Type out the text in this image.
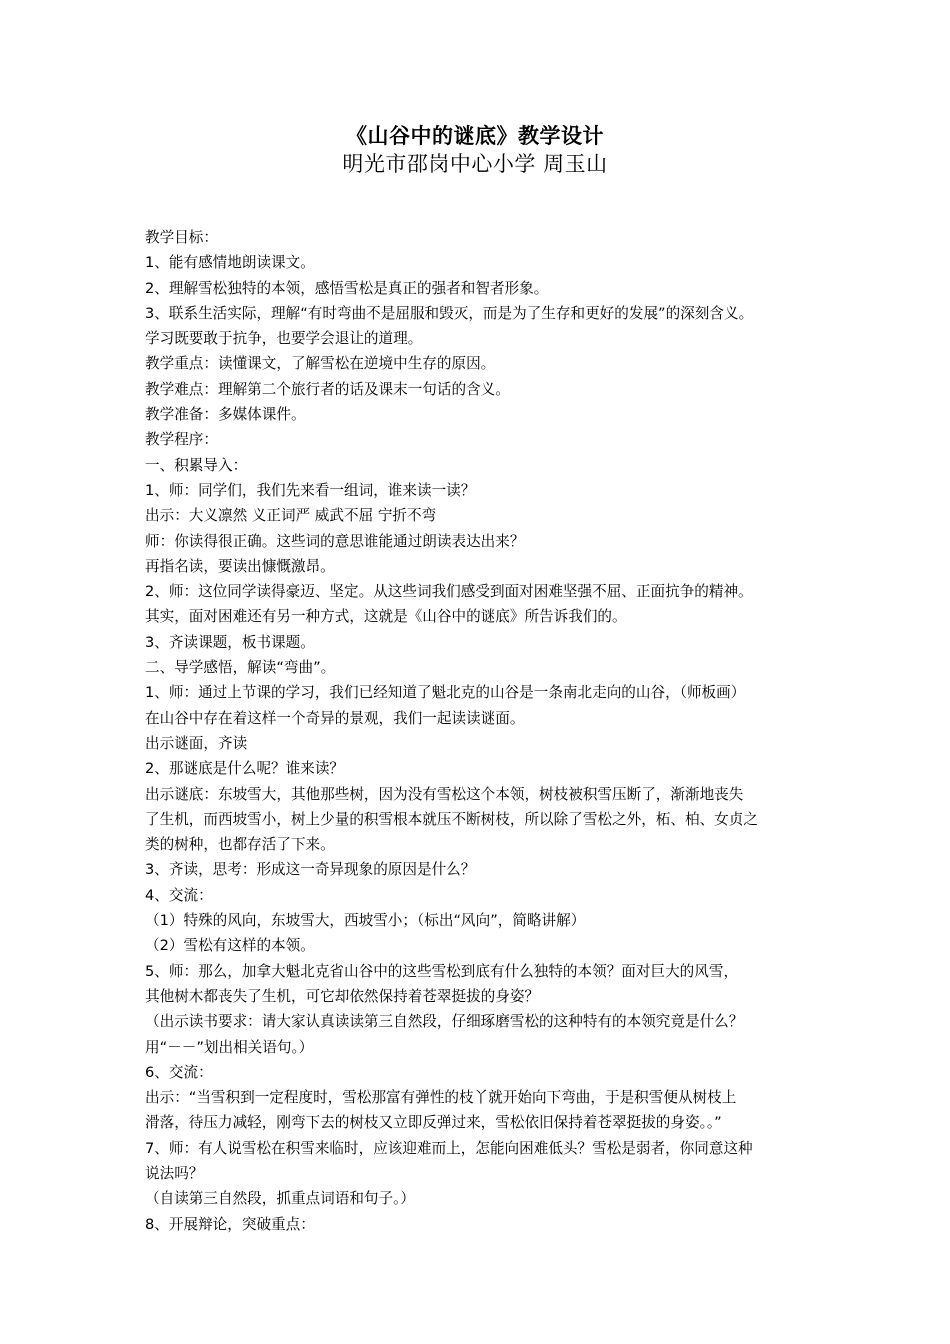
《山谷中的谜底》教学设计
明光市邵岗中心小学 周玉山
教学目标：
1、能有感情地朗读课文。
2、理解雪松独特的本领，感悟雪松是真正的强者和智者形象。
3、联系生活实际，理解“有时弯曲不是屈服和毁灭，而是为了生存和更好的发展”的深刻含义。
学习既要敢于抗争，也要学会退让的道理。
教学重点：读懂课文，了解雪松在逆境中生存的原因。
教学难点：理解第二个旅行者的话及课末一句话的含义。
教学准备：多媒体课件。
教学程序：
一、积累导入：
1、师：同学们，我们先来看一组词，谁来读一读？
出示：大义凛然 义正词严 威武不屈 宁折不弯
师：你读得很正确。这些词的意思谁能通过朗读表达出来？
再指名读，要读出慷慨激昂。
2、师：这位同学读得豪迈、坚定。从这些词我们感受到面对困难坚强不屈、正面抗争的精神。
其实，面对困难还有另一种方式，这就是《山谷中的谜底》所告诉我们的。
3、齐读课题，板书课题。
二、导学感悟，解读“弯曲”。
1、师：通过上节课的学习，我们已经知道了魁北克的山谷是一条南北走向的山谷，（师板画）
在山谷中存在着这样一个奇异的景观，我们一起读读谜面。
出示谜面，齐读
2、那谜底是什么呢？谁来读？
出示谜底：东坡雪大，其他那些树，因为没有雪松这个本领，树枝被积雪压断了，渐渐地丧失
了生机，而西坡雪小，树上少量的积雪根本就压不断树枝，所以除了雪松之外，柘、柏、女贞之
类的树种，也都存活了下来。
3、齐读，思考：形成这一奇异现象的原因是什么？
4、交流：
（1）特殊的风向，东坡雪大，西坡雪小；（标出“风向”，简略讲解）
（2）雪松有这样的本领。
5、师：那么，加拿大魁北克省山谷中的这些雪松到底有什么独特的本领？面对巨大的风雪，
其他树木都丧失了生机，可它却依然保持着苍翠挺拔的身姿？
（出示读书要求：请大家认真读读第三自然段，仔细琢磨雪松的这种特有的本领究竟是什么？
用“－－”划出相关语句。）
6、交流：
出示：“当雪积到一定程度时，雪松那富有弹性的枝丫就开始向下弯曲，于是积雪便从树枝上
滑落，待压力减轻，刚弯下去的树枝又立即反弹过来，雪松依旧保持着苍翠挺拔的身姿。。”
7、师：有人说雪松在积雪来临时，应该迎难而上，怎能向困难低头？雪松是弱者，你同意这种
说法吗？
（自读第三自然段，抓重点词语和句子。）
8、开展辩论，突破重点：
